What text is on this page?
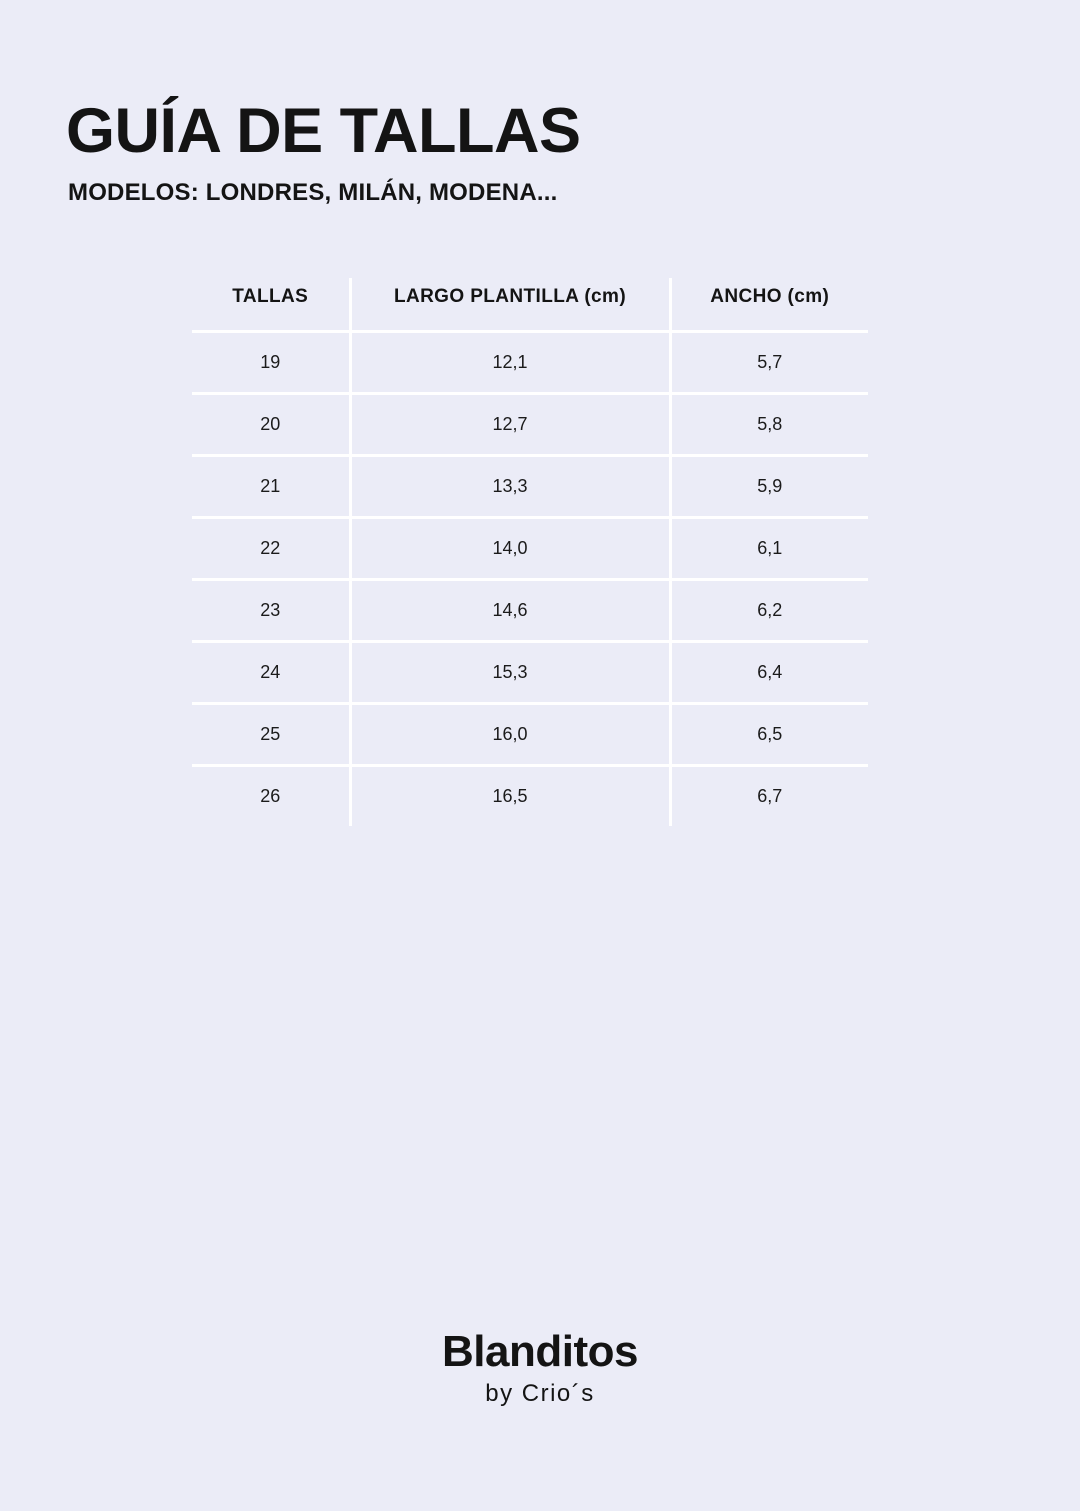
GUÍA DE TALLAS
MODELOS: LONDRES, MILÁN, MODENA...
TALLAS	LARGO PLANTILLA (cm)	ANCHO (cm)
19	12,1	5,7
20	12,7	5,8
21	13,3	5,9
22	14,0	6,1
23	14,6	6,2
24	15,3	6,4
25	16,0	6,5
26	16,5	6,7
Blanditos
by Crio´s
